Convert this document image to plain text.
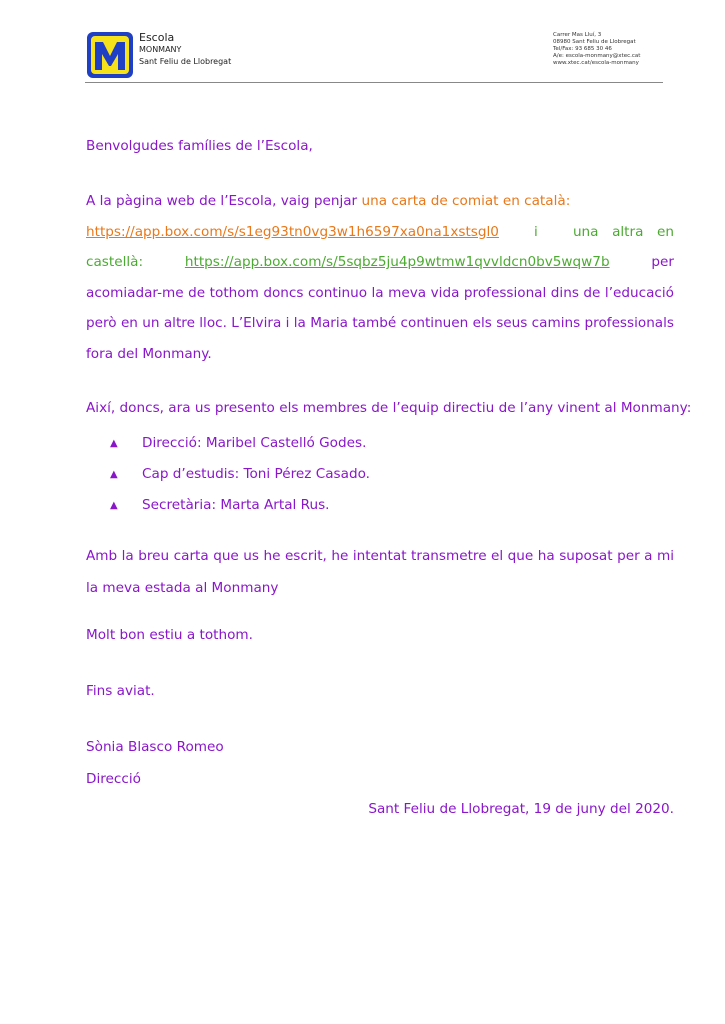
Escola
MONMANY
Sant Feliu de Llobregat
Carrer Mas Lluí, 3
08980 Sant Feliu de Llobregat
Tel/Fax: 93 685 30 46
A/e: escola-monmany@xtec.cat
www.xtec.cat/escola-monmany

Benvolgudes famílies de l’Escola,

A la pàgina web de l’Escola, vaig penjar una carta de comiat en català:
https://app.box.com/s/s1eg93tn0vg3w1h6597xa0na1xstsgl0	i	una altra en castellà:	https://app.box.com/s/5sqbz5ju4p9wtmw1qvvldcn0bv5wqw7b per acomiadar-me de tothom doncs continuo la meva vida professional dins de l’educació però en un altre lloc. L’Elvira i la Maria també continuen els seus camins professionals fora del Monmany.

Així, doncs, ara us presento els membres de l’equip directiu de l’any vinent al Monmany:

▲ Direcció: Maribel Castelló Godes.
▲ Cap d’estudis: Toni Pérez Casado.
▲ Secretària: Marta Artal Rus.

Amb la breu carta que us he escrit, he intentat transmetre el que ha suposat per a mi la meva estada al Monmany

Molt bon estiu a tothom.

Fins aviat.

Sònia Blasco Romeo

Direcció

Sant Feliu de Llobregat, 19 de juny del 2020.
